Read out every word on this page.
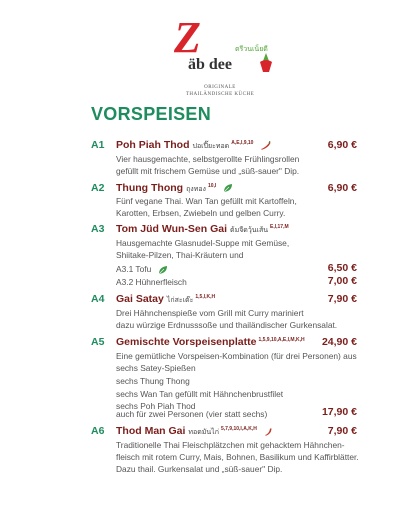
Z	ตรีวนเน็ยดี
äb dee
ORIGINALE
THAILÄNDISCHE KÜCHE
VORSPEISEN
A1 Poh Piah Thod ปอเปี๊ยะทอด $^{A,E,I,9,10}$	6,90 €
Vier hausgemachte, selbstgerollte Frühlingsrollen
gefüllt mit frischem Gemüse und „süß-sauer" Dip.
A2 Thung Thong ถุงทอง $^{10,I}$	6,90 €
Fünf vegane Thai. Wan Tan gefüllt mit Kartoffeln,
Karotten, Erbsen, Zwiebeln und gelben Curry.
A3 Tom Jüd Wun-Sen Gai ต้มจืดวุ้นเส้น $^{E,I,17,M}$
Hausgemachte Glasnudel-Suppe mit Gemüse,
Shiitake-Pilzen, Thai-Kräutern und
A3.1 Tofu	6,50 €
A3.2 Hühnerfleisch	7,00 €
A4 Gai Satay ไก่สะเต๊ะ $^{1,5,I,K,H}$	7,90 €
Drei Hähnchenspieße vom Grill mit Curry mariniert
dazu würzige Erdnusssoße und thailändischer Gurkensalat.
A5 Gemischte Vorspeisenplatte $^{1,5,9,10,A,E,I,M,K,H}$ 24,90 €
Eine gemütliche Vorspeisen-Kombination (für drei Personen) aus
sechs Satey-Spießen
sechs Thung Thong
sechs Wan Tan gefüllt mit Hähnchenbrustfilet
sechs Poh Piah Thod
auch für zwei Personen (vier statt sechs)	17,90 €
A6 Thod Man Gai ทอดมันไก่ $^{5,7,9,10,I,A,K,H}$	7,90 €
Traditionelle Thai Fleischplätzchen mit gehacktem Hähnchen-
fleisch mit rotem Curry, Mais, Bohnen, Basilikum und Kaffirblätter.
Dazu thail. Gurkensalat und „süß-sauer" Dip.
